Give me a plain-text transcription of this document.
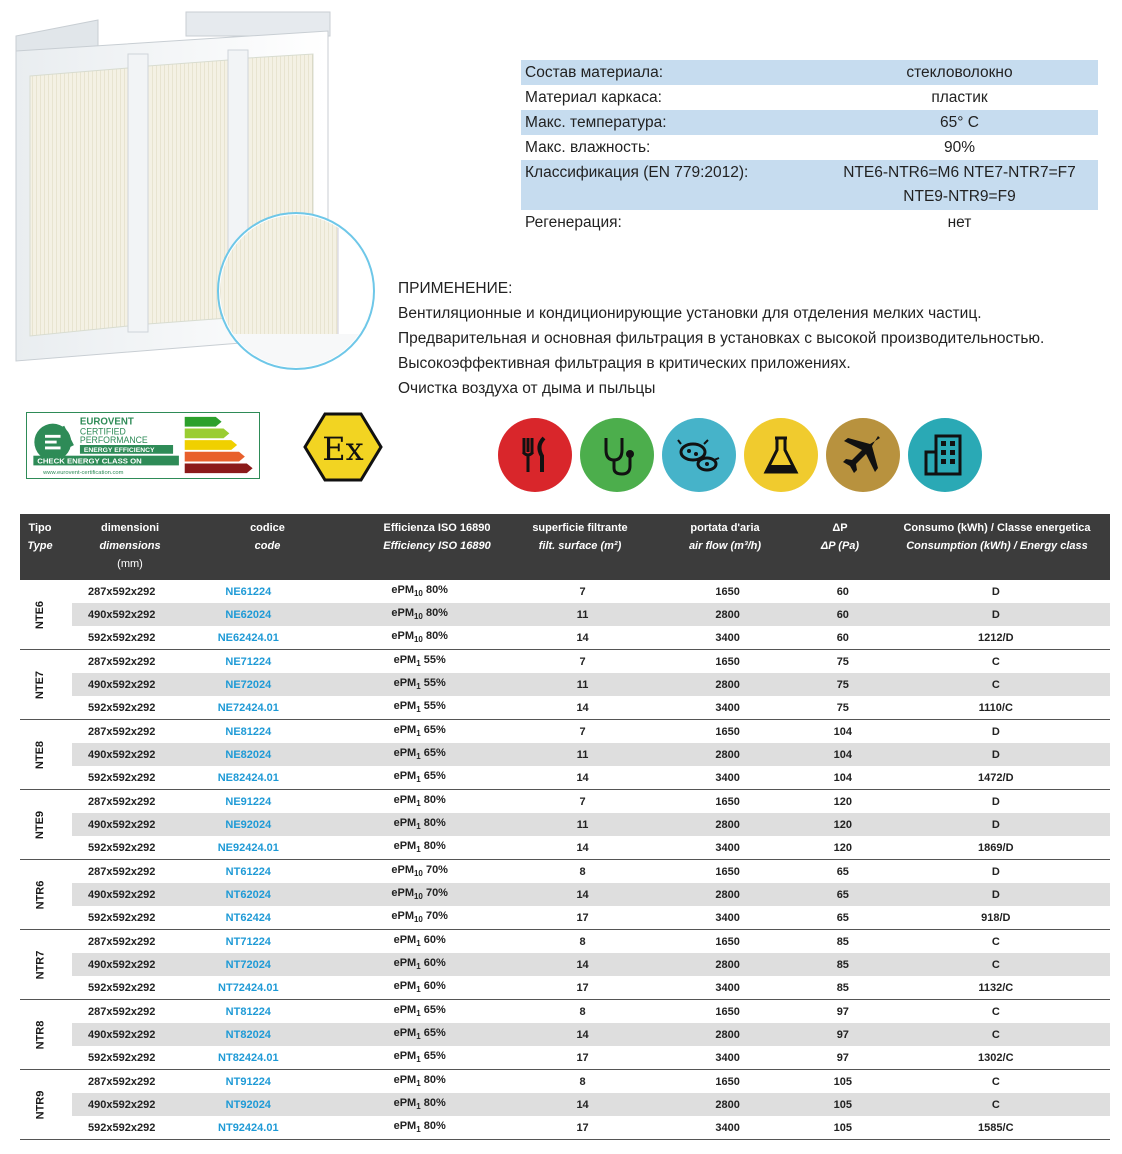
Состав материала:	стекловолокно
Материал каркаса:	пластик
Макс. температура:	65° C
Макс. влажность:	90%
Классификация (EN 779:2012):	NTE6-NTR6=M6 NTE7-NTR7=F7
NTE9-NTR9=F9
Регенерация:	нет
ПРИМЕНЕНИЕ:
Вентиляционные и кондиционирующие установки для отделения мелких частиц.
Предварительная и основная фильтрация в установках с высокой производительностью.
Высокоэффективная фильтрация в критических приложениях.
Очистка воздуха от дыма и пыльцы
EUROVENT
CERTIFIED
PERFORMANCE
ENERGY EFFICIENCY
CHECK ENERGY CLASS ON
www.eurovent-certification.com
Ex
Tipo
Type
dimensioni
dimensions
(mm)
codice
code
Efficienza ISO 16890
Efficiency ISO 16890
superficie filtrante
filt. surface (m²)
portata d'aria
air flow (m³/h)
ΔP
ΔP (Pa)
Consumo (kWh) / Classe energetica
Consumption (kWh) / Energy class
NTE6
287x592x292	NE61224	ePM$_{10}$ 80%	7	1650	60	D
490x592x292	NE62024	ePM$_{10}$ 80%	11	2800	60	D
592x592x292	NE62424.01	ePM$_{10}$ 80%	14	3400	60	1212/D
NTE7
287x592x292	NE71224	ePM$_1$ 55%	7	1650	75	C
490x592x292	NE72024	ePM$_1$ 55%	11	2800	75	C
592x592x292	NE72424.01	ePM$_1$ 55%	14	3400	75	1110/C
NTE8
287x592x292	NE81224	ePM$_1$ 65%	7	1650	104	D
490x592x292	NE82024	ePM$_1$ 65%	11	2800	104	D
592x592x292	NE82424.01	ePM$_1$ 65%	14	3400	104	1472/D
NTE9
287x592x292	NE91224	ePM$_1$ 80%	7	1650	120	D
490x592x292	NE92024	ePM$_1$ 80%	11	2800	120	D
592x592x292	NE92424.01	ePM$_1$ 80%	14	3400	120	1869/D
NTR6
287x592x292	NT61224	ePM$_{10}$ 70%	8	1650	65	D
490x592x292	NT62024	ePM$_{10}$ 70%	14	2800	65	D
592x592x292	NT62424	ePM$_{10}$ 70%	17	3400	65	918/D
NTR7
287x592x292	NT71224	ePM$_1$ 60%	8	1650	85	C
490x592x292	NT72024	ePM$_1$ 60%	14	2800	85	C
592x592x292	NT72424.01	ePM$_1$ 60%	17	3400	85	1132/C
NTR8
287x592x292	NT81224	ePM$_1$ 65%	8	1650	97	C
490x592x292	NT82024	ePM$_1$ 65%	14	2800	97	C
592x592x292	NT82424.01	ePM$_1$ 65%	17	3400	97	1302/C
NTR9
287x592x292	NT91224	ePM$_1$ 80%	8	1650	105	C
490x592x292	NT92024	ePM$_1$ 80%	14	2800	105	C
592x592x292	NT92424.01	ePM$_1$ 80%	17	3400	105	1585/C
